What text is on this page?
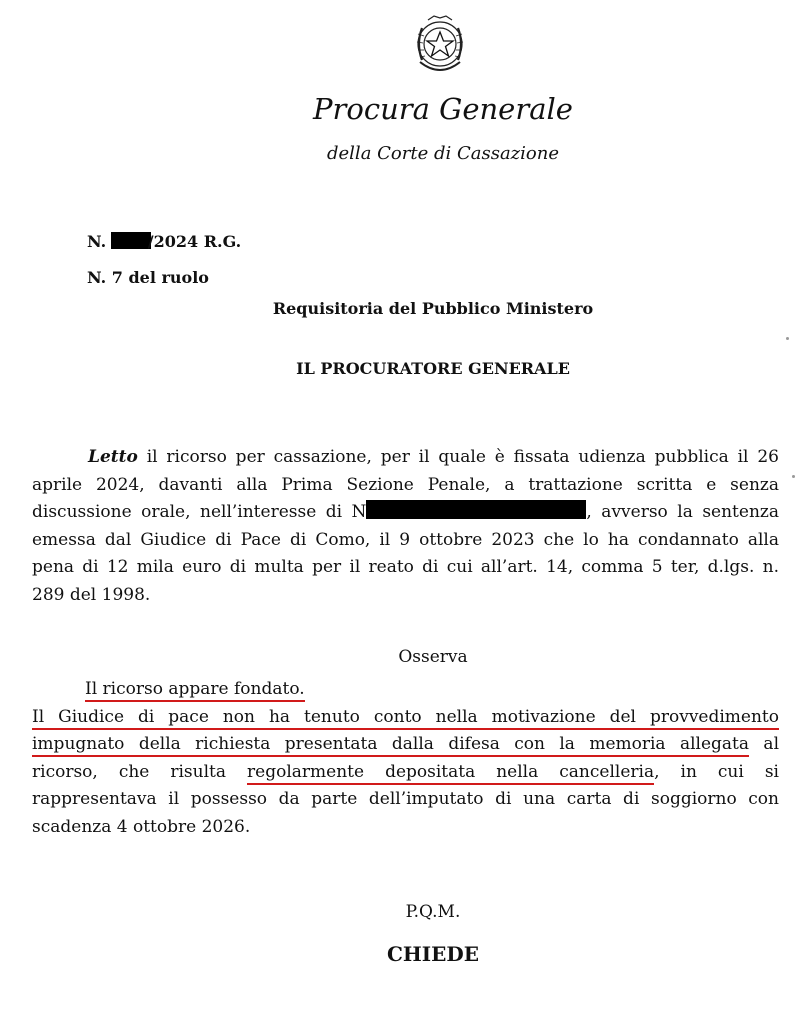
Procura Generale
della Corte di Cassazione
N.	/2024 R.G.
N. 7 del ruolo
Requisitoria del Pubblico Ministero
IL PROCURATORE GENERALE
Letto il ricorso per cassazione, per il quale è fissata udienza pubblica il 26
aprile 2024, davanti alla Prima Sezione Penale, a trattazione scritta e senza
discussione orale, nell’interesse di N	, avverso la sentenza
emessa dal Giudice di Pace di Como, il 9 ottobre 2023 che lo ha condannato alla
pena di 12 mila euro di multa per il reato di cui all’art. 14, comma 5 ter, d.lgs. n.
289 del 1998.
Osserva
Il ricorso appare fondato.
Il Giudice di pace non ha tenuto conto nella motivazione del provvedimento
impugnato della richiesta presentata dalla difesa con la memoria allegata al
ricorso, che risulta regolarmente depositata nella cancelleria, in cui si
rappresentava il possesso da parte dell’imputato di una carta di soggiorno con
scadenza 4 ottobre 2026.
P.Q.M.
CHIEDE
